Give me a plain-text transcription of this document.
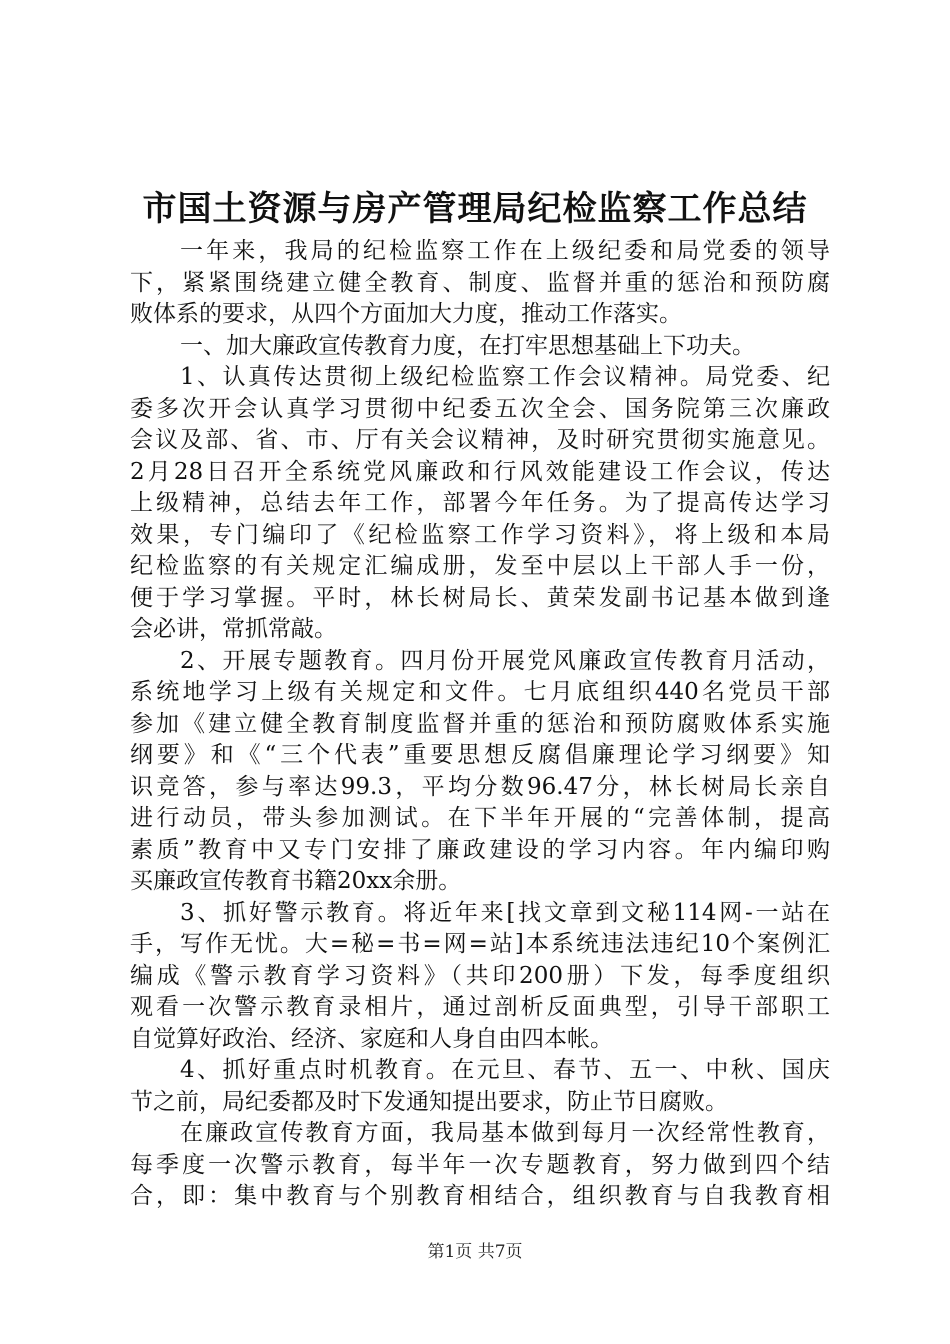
市国土资源与房产管理局纪检监察工作总结
一年来，我局的纪检监察工作在上级纪委和局党委的领导
下，紧紧围绕建立健全教育、制度、监督并重的惩治和预防腐
败体系的要求，从四个方面加大力度，推动工作落实。
一、加大廉政宣传教育力度，在打牢思想基础上下功夫。
1、认真传达贯彻上级纪检监察工作会议精神。局党委、纪
委多次开会认真学习贯彻中纪委五次全会、国务院第三次廉政
会议及部、省、市、厅有关会议精神，及时研究贯彻实施意见。
2月28日召开全系统党风廉政和行风效能建设工作会议，传达
上级精神，总结去年工作，部署今年任务。为了提高传达学习
效果，专门编印了《纪检监察工作学习资料》，将上级和本局
纪检监察的有关规定汇编成册，发至中层以上干部人手一份，
便于学习掌握。平时，林长树局长、黄荣发副书记基本做到逢
会必讲，常抓常敲。
2、开展专题教育。四月份开展党风廉政宣传教育月活动，
系统地学习上级有关规定和文件。七月底组织440名党员干部
参加《建立健全教育制度监督并重的惩治和预防腐败体系实施
纲要》和《“三个代表”重要思想反腐倡廉理论学习纲要》知
识竞答，参与率达99.3，平均分数96.47分，林长树局长亲自
进行动员，带头参加测试。在下半年开展的“完善体制，提高
素质”教育中又专门安排了廉政建设的学习内容。年内编印购
买廉政宣传教育书籍20xx余册。
3、抓好警示教育。将近年来[找文章到文秘114网-一站在
手，写作无忧。大=秘=书=网=站]本系统违法违纪10个案例汇
编成《警示教育学习资料》（共印200册）下发，每季度组织
观看一次警示教育录相片，通过剖析反面典型，引导干部职工
自觉算好政治、经济、家庭和人身自由四本帐。
4、抓好重点时机教育。在元旦、春节、五一、中秋、国庆
节之前，局纪委都及时下发通知提出要求，防止节日腐败。
在廉政宣传教育方面，我局基本做到每月一次经常性教育，
每季度一次警示教育，每半年一次专题教育，努力做到四个结
合，即：集中教育与个别教育相结合，组织教育与自我教育相
第1页 共7页
